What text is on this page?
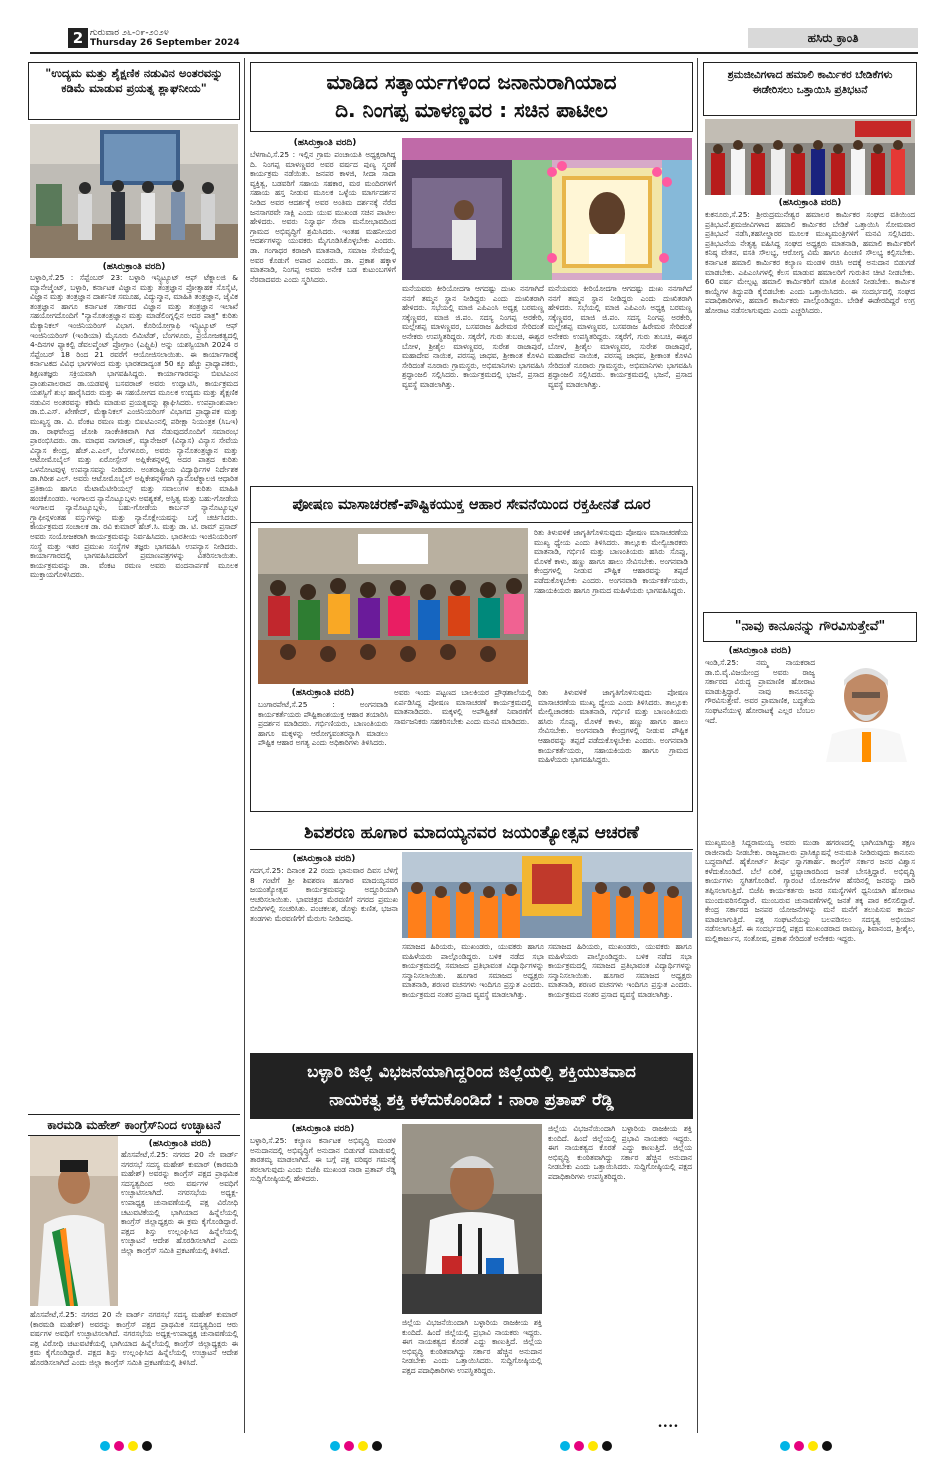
2 ಗುರುವಾರ ೨೬-೦೯-೨೦೨೪
Thursday 26 September 2024	ಹಸಿರು ಕ್ರಾಂತಿ
"ಉದ್ಯಮ ಮತ್ತು ಶೈಕ್ಷಣಿಕ ನಡುವಿನ ಅಂತರವನ್ನು ಕಡಿಮೆ ಮಾಡುವ ಪ್ರಯತ್ನ ಶ್ಲಾಘನೀಯ"
(ಹಸಿರುಕ್ರಾಂತಿ ವರದಿ)
ಬಳ್ಳಾರಿ,ಸೆ.25 : ಸೆಪ್ಟೆಂಬರ್ 23: ಬಳ್ಳಾರಿ ಇನ್ಸ್ಟಿಟ್ಯೂಟ್ ಆಫ್ ಟೆಕ್ನಾಲಜಿ & ಮ್ಯಾನೇಜ್ಮೆಂಟ್, ಬಳ್ಳಾರಿ, ಕರ್ನಾಟಕ ವಿಜ್ಞಾನ ಮತ್ತು ತಂತ್ರಜ್ಞಾನ ಪ್ರೋತ್ಸಾಹಕ ಸೊಸೈಟಿ, ವಿಜ್ಞಾನ ಮತ್ತು ತಂತ್ರಜ್ಞಾನ ದಾರ್ಶನಿಕ ಸಮೂಹ, ವಿದ್ಯುನ್ಮಾನ, ಮಾಹಿತಿ ತಂತ್ರಜ್ಞಾನ, ಜೈವಿಕ ತಂತ್ರಜ್ಞಾನ ಹಾಗೂ ಕರ್ನಾಟಕ ಸರ್ಕಾರದ ವಿಜ್ಞಾನ ಮತ್ತು ತಂತ್ರಜ್ಞಾನ ಇಲಾಖೆ ಸಹಯೋಗದೊಂದಿಗೆ "ನ್ಯಾನೊತಂತ್ರಜ್ಞಾನ ಮತ್ತು ಮಾಡೆಲಿಂಗ್ನಲ್ಲಿನ ಅದರ ಪಾತ್ರ" ಕುರಿತು ಮೆಕ್ಯಾನಿಕಲ್ ಇಂಜಿನಿಯರಿಂಗ್ ವಿಭಾಗ. ಕೊರಿಯೋಗ್ರಾಫಿ ಇನ್ಸ್ಟಿಟ್ಯೂಟ್ ಆಫ್ ಇಂಜಿನಿಯರಿಂಗ್ (ಇಂಡಿಯಾ) ಮೈಸೂರು ಲಿಮಿಟೆಡ್, ಬೆಂಗಳೂರು, ಪ್ರಯೋಜಕತ್ವದಲ್ಲಿ 4-ದಿನಗಳ ಫ್ಯಾಕಲ್ಟಿ ಡೆವಲಪ್ಮೆಂಟ್ ಪ್ರೋಗ್ರಾಂ (ಎಫ್ಡಿಪಿ) ಅನ್ನು ಯಶಸ್ವಿಯಾಗಿ 2024 ರ ಸೆಪ್ಟೆಂಬರ್ 18 ರಿಂದ 21 ರವರೆಗೆ ಆಯೋಜಿಸಲಾಯಿತು. ಈ ಕಾರ್ಯಾಗಾರಕ್ಕೆ ಕರ್ನಾಟಕದ ವಿವಿಧ ಭಾಗಗಳಿಂದ ಮತ್ತು ಭಾರತದಾದ್ಯಂತ 50 ಕ್ಕೂ ಹೆಚ್ಚು ಪ್ರಾಧ್ಯಾಪಕರು, ಶಿಕ್ಷಣತಜ್ಞರು ಸಕ್ರಿಯವಾಗಿ ಭಾಗವಹಿಸಿದ್ದರು. ಕಾರ್ಯಾಗಾರವನ್ನು ಬಿಐಟಿಎಂನ ಪ್ರಾಂಶುಪಾಲರಾದ ಡಾ.ಯಡವಳ್ಳಿ ಬಸವರಾಜ್ ಅವರು ಉದ್ಘಾಟಿಸಿ, ಕಾರ್ಯಕ್ರಮದ ಯಶಸ್ವಿಗೆ ಶುಭ ಹಾರೈಸಿದರು ಮತ್ತು ಈ ಸಹಯೋಗದ ಮೂಲಕ ಉದ್ಯಮ ಮತ್ತು ಶೈಕ್ಷಣಿಕ ನಡುವಿನ ಅಂತರವನ್ನು ಕಡಿಮೆ ಮಾಡುವ ಪ್ರಯತ್ನವನ್ನು ಶ್ಲಾಘಿಸಿದರು. ಉಪಪ್ರಾಂಶುಪಾಲ ಡಾ.ಬಿ.ಎಸ್. ಖೇಣೇದ್, ಮೆಕ್ಯಾನಿಕಲ್ ಎಂಜಿನಿಯರಿಂಗ್ ವಿಭಾಗದ ಪ್ರಾಧ್ಯಾಪಕ ಮತ್ತು ಮುಖ್ಯಸ್ಥ ಡಾ. ವಿ. ವೆಂಕಟ ರಮಣ ಮತ್ತು ಬಿಐಟಿಎಂನಲ್ಲಿ ಪರೀಕ್ಷಾ ನಿಯಂತ್ರಕ (ಸಿಒಇ) ಡಾ. ರಾಘವೇಂದ್ರ ಜೋಶಿ ಸಾಂಕೇತಿಕವಾಗಿ ಗಿಡ ನೆಡುವುದರೊಂದಿಗೆ ಸಮಾರಂಭ ಪ್ರಾರಂಭಿಸಿದರು. ಡಾ. ಮಾಧವ ನಾಗರಾಜ್, ಮ್ಯಾನೇಜರ್ (ವಿನ್ಯಾಸ) ವಿನ್ಯಾಸ ಸೇವೆಯ ವಿನ್ಯಾಸ ಕೇಂದ್ರ, ಹೆಚ್.ಎ.ಎಲ್, ಬೆಂಗಳೂರು, ಅವರು ನ್ಯಾನೊತಂತ್ರಜ್ಞಾನ ಮತ್ತು ಆಟೋಮೊಬೈಲ್ ಮತ್ತು ಏರೋಸ್ಪೇಸ್ ಅಪ್ಲಿಕೇಶನ್ಗಳಲ್ಲಿ ಅದರ ಪಾತ್ರದ ಕುರಿತು ಒಳನೋಟವುಳ್ಳ ಉಪನ್ಯಾಸವನ್ನು ನೀಡಿದರು. ಅಂತರಾಷ್ಟ್ರೀಯ ವಿದ್ಯಾರ್ಥಿಗಳ ನಿರ್ದೇಶಕ ಡಾ.ಗಿರೀಶ ಎಲ್. ಅವರು ಆಟೋಮೊಬೈಲ್ ಅಪ್ಲಿಕೇಶನ್ಗಳಿಗಾಗಿ ನ್ಯಾನೊಟೆಕ್ನಾಲಜಿ ಆಧಾರಿತ ಪ್ರತಿಕಾಯ ಹಾಗೂ ಮೆಟಾಮೆಟೀರಿಯಲ್ಸ್ ಮತ್ತು ಸವಾಲುಗಳ ಕುರಿತು ಮಾಹಿತಿ ಹಂಚಿಕೊಂಡರು. ಇಂಗಾಲದ ನ್ಯಾನೊಟ್ಯೂಬ್ಗಳು ಅವಶ್ಯಕತೆ, ಅಸ್ತಿತ್ವ ಮತ್ತು ಬಹು-ಗೋಡೆಯ ಇಂಗಾಲದ ನ್ಯಾನೊಟ್ಯೂಬ್ಗಳು, ಬಹು-ಗೋಡೆಯ ಕಾರ್ಬನ್ ನ್ಯಾನೊಟ್ಯೂಬ್ಗಳ ಗ್ರ್ಯಾಫೀನ್ಗಳಂತಹ ವಸ್ತುಗಳನ್ನು ಮತ್ತು ನ್ಯಾನೊಕ್ಲೇಯಷನ್ನು ಬಗ್ಗೆ ಚರ್ಚಿಸಿದರು. ಕಾರ್ಯಕ್ರಮದ ಸಂಚಾಲಕ ಡಾ. ರವಿ ಕುಮಾರ್ ಹೆಚ್.ಸಿ. ಮತ್ತು ಡಾ. ಟಿ. ರಾಮ್ ಪ್ರಸಾದ್ ಅವರು ಸಂಯೋಜಕರಾಗಿ ಕಾರ್ಯಕ್ರಮವನ್ನು ನಿರ್ವಹಿಸಿದರು. ಭಾರತೀಯ ಇಂಜಿನಿಯರಿಂಗ್ ಸಂಸ್ಥೆ ಮತ್ತು ಇತರ ಪ್ರಮುಖ ಸಂಸ್ಥೆಗಳ ತಜ್ಞರು ಭಾಗವಹಿಸಿ ಉಪನ್ಯಾಸ ನೀಡಿದರು. ಕಾರ್ಯಾಗಾರದಲ್ಲಿ ಭಾಗವಹಿಸಿದವರಿಗೆ ಪ್ರಮಾಣಪತ್ರಗಳನ್ನು ವಿತರಿಸಲಾಯಿತು. ಕಾರ್ಯಕ್ರಮವನ್ನು ಡಾ. ವೆಂಕಟ ರಮಣ ಅವರು ವಂದನಾರ್ಪಣೆ ಮೂಲಕ ಮುಕ್ತಾಯಗೊಳಿಸಿದರು.
ಕಾರಮಡಿ ಮಹೇಶ್ ಕಾಂಗ್ರೆಸ್‌ನಿಂದ ಉಚ್ಛಾಟನೆ
(ಹಸಿರುಕ್ರಾಂತಿ ವರದಿ)
ಹೊಸಪೇಟೆ,ಸೆ.25: ನಗರದ 20 ನೇ ವಾರ್ಡ್ ನಗರಸಭೆ ಸದಸ್ಯ ಮಹೇಶ್ ಕುಮಾರ್ (ಕಾರಮಡಿ ಮಹೇಶ್) ಅವರನ್ನು ಕಾಂಗ್ರೆಸ್ ಪಕ್ಷದ ಪ್ರಾಥಮಿಕ ಸದಸ್ಯತ್ವದಿಂದ ಆರು ವರ್ಷಗಳ ಅವಧಿಗೆ ಉಚ್ಛಾಟಿಸಲಾಗಿದೆ. ನಗರಸಭೆಯ ಅಧ್ಯಕ್ಷ-ಉಪಾಧ್ಯಕ್ಷ ಚುನಾವಣೆಯಲ್ಲಿ ಪಕ್ಷ ವಿರೋಧಿ ಚಟುವಟಿಕೆಯಲ್ಲಿ ಭಾಗಿಯಾದ ಹಿನ್ನೆಲೆಯಲ್ಲಿ ಕಾಂಗ್ರೆಸ್ ಜಿಲ್ಲಾಧ್ಯಕ್ಷರು ಈ ಕ್ರಮ ಕೈಗೊಂಡಿದ್ದಾರೆ. ಪಕ್ಷದ ಶಿಸ್ತು ಉಲ್ಲಂಘಿಸಿದ ಹಿನ್ನೆಲೆಯಲ್ಲಿ ಉಚ್ಛಾಟನೆ ಆದೇಶ ಹೊರಡಿಸಲಾಗಿದೆ ಎಂದು ಜಿಲ್ಲಾ ಕಾಂಗ್ರೆಸ್ ಸಮಿತಿ ಪ್ರಕಟಣೆಯಲ್ಲಿ ತಿಳಿಸಿದೆ.
ಹೊಸಪೇಟೆ,ಸೆ.25: ನಗರದ 20 ನೇ ವಾರ್ಡ್ ನಗರಸಭೆ ಸದಸ್ಯ ಮಹೇಶ್ ಕುಮಾರ್ (ಕಾರಮಡಿ ಮಹೇಶ್) ಅವರನ್ನು ಕಾಂಗ್ರೆಸ್ ಪಕ್ಷದ ಪ್ರಾಥಮಿಕ ಸದಸ್ಯತ್ವದಿಂದ ಆರು ವರ್ಷಗಳ ಅವಧಿಗೆ ಉಚ್ಛಾಟಿಸಲಾಗಿದೆ. ನಗರಸಭೆಯ ಅಧ್ಯಕ್ಷ-ಉಪಾಧ್ಯಕ್ಷ ಚುನಾವಣೆಯಲ್ಲಿ ಪಕ್ಷ ವಿರೋಧಿ ಚಟುವಟಿಕೆಯಲ್ಲಿ ಭಾಗಿಯಾದ ಹಿನ್ನೆಲೆಯಲ್ಲಿ ಕಾಂಗ್ರೆಸ್ ಜಿಲ್ಲಾಧ್ಯಕ್ಷರು ಈ ಕ್ರಮ ಕೈಗೊಂಡಿದ್ದಾರೆ. ಪಕ್ಷದ ಶಿಸ್ತು ಉಲ್ಲಂಘಿಸಿದ ಹಿನ್ನೆಲೆಯಲ್ಲಿ ಉಚ್ಛಾಟನೆ ಆದೇಶ ಹೊರಡಿಸಲಾಗಿದೆ ಎಂದು ಜಿಲ್ಲಾ ಕಾಂಗ್ರೆಸ್ ಸಮಿತಿ ಪ್ರಕಟಣೆಯಲ್ಲಿ ತಿಳಿಸಿದೆ.
ಮಾಡಿದ ಸತ್ಕಾರ್ಯಗಳಿಂದ ಜನಾನುರಾಗಿಯಾದ
ದಿ. ನಿಂಗಪ್ಪ ಮಾಳಣ್ಣವರ : ಸಚಿನ ಪಾಟೀಲ
(ಹಸಿರುಕ್ರಾಂತಿ ವರದಿ)
ಬೆಳಗಾವಿ,ಸೆ.25 : ಇಲ್ಲಿನ ಗ್ರಾಮ ಪಂಚಾಯತಿ ಅಧ್ಯಕ್ಷರಾಗಿದ್ದ ದಿ. ನಿಂಗಪ್ಪ ಮಾಳಣ್ಣವರ ಅವರ ವರ್ಷದ ಪುಣ್ಯ ಸ್ಮರಣೆ ಕಾರ್ಯಕ್ರಮ ನಡೆಯಿತು. ಜನಪರ ಕಾಳಜಿ, ಸೀದಾ ಸಾದಾ ವ್ಯಕ್ತಿತ್ವ, ಬಡವರಿಗೆ ಸಹಾಯ ಸಹಕಾರ, ಮಠ ಮಂದಿರಗಳಿಗೆ ಸಹಾಯ ಹಸ್ತ ನೀಡುವ ಮೂಲಕ ಒಳ್ಳೆಯ ಮಾರ್ಗದರ್ಶನ ನೀಡಿದ ಅವರ ಆದರ್ಶಕ್ಕೆ ಅವರ ಅಂತಿಮ ದರ್ಶನಕ್ಕೆ ನೆರೆದ ಜನಸಾಗರವೇ ಸಾಕ್ಷಿ ಎಂದು ಯುವ ಮುಖಂಡ ಸಚಿನ ಪಾಟೀಲ ಹೇಳಿದರು. ಅವರು ನಿಸ್ವಾರ್ಥ ಸೇವಾ ಮನೋಭಾವದಿಂದ ಗ್ರಾಮದ ಅಭಿವೃದ್ಧಿಗೆ ಶ್ರಮಿಸಿದರು. ಇಂತಹ ಮಹನೀಯರ ಆದರ್ಶಗಳನ್ನು ಯುವಕರು ಮೈಗೂಡಿಸಿಕೊಳ್ಳಬೇಕು ಎಂದರು. ಡಾ. ಗಂಗಾಧರ ಕರಾಜಗಿ ಮಾತನಾಡಿ, ಸಮಾಜ ಸೇವೆಯಲ್ಲಿ ಅವರ ಕೊಡುಗೆ ಅಪಾರ ಎಂದರು. ಡಾ. ಪ್ರಕಾಶ ಹಕ್ಕಾಳ ಮಾತನಾಡಿ, ನಿಂಗಪ್ಪ ಅವರು ಅನೇಕ ಬಡ ಕುಟುಂಬಗಳಿಗೆ ನೆರವಾದವರು ಎಂದು ಸ್ಮರಿಸಿದರು.
ಮನೆಯವರು ಕೀರಿಯೋದಗಾ ಆಗದಷ್ಟು ದುಃಖ ನನಗಾಗಿದೆ ನನಗೆ ತಮ್ಮನ ಸ್ಥಾನ ನೀಡಿದ್ದರು ಎಂದು ದುಃಖಿತರಾಗಿ ಹೇಳಿದರು. ಸಭೆಯಲ್ಲಿ ಮಾಜಿ ಎಪಿಎಂಸಿ ಅಧ್ಯಕ್ಷ ಬರಮಣ್ಣ ಸಕ್ಕೆಣ್ಣವರ, ಮಾಜಿ ಜಿ.ಪಂ. ಸದಸ್ಯ ನಿಂಗಪ್ಪ ಅರಕೇರಿ, ಮಲ್ಲೇಶಪ್ಪ ಮಾಳಣ್ಣವರ, ಬಸವರಾಜ ಹಿರೇಮಠ ಸೇರಿದಂತೆ ಅನೇಕರು ಉಪಸ್ಥಿತರಿದ್ದರು. ಸಕ್ಕರೆಗೆ, ಗುರು ತುಬಚಿ, ಈಶ್ವರ ಬೋಳ, ಶ್ರೀಶೈಲ ಮಾಳಣ್ಣವರ, ಸುರೇಶ ರಾಜಾಪುರೆ, ಮಹಾದೇವ ನಾಯಿಕ, ಪರಸಪ್ಪ ಜಾಧವ, ಶ್ರೀಕಾಂತ ಕೊಳವಿ ಸೇರಿದಂತೆ ನೂರಾರು ಗ್ರಾಮಸ್ಥರು, ಅಭಿಮಾನಿಗಳು ಭಾಗವಹಿಸಿ ಶ್ರದ್ಧಾಂಜಲಿ ಸಲ್ಲಿಸಿದರು. ಕಾರ್ಯಕ್ರಮದಲ್ಲಿ ಭಜನೆ, ಪ್ರಸಾದ ವ್ಯವಸ್ಥೆ ಮಾಡಲಾಗಿತ್ತು.
ಮನೆಯವರು ಕೀರಿಯೋದಗಾ ಆಗದಷ್ಟು ದುಃಖ ನನಗಾಗಿದೆ ನನಗೆ ತಮ್ಮನ ಸ್ಥಾನ ನೀಡಿದ್ದರು ಎಂದು ದುಃಖಿತರಾಗಿ ಹೇಳಿದರು. ಸಭೆಯಲ್ಲಿ ಮಾಜಿ ಎಪಿಎಂಸಿ ಅಧ್ಯಕ್ಷ ಬರಮಣ್ಣ ಸಕ್ಕೆಣ್ಣವರ, ಮಾಜಿ ಜಿ.ಪಂ. ಸದಸ್ಯ ನಿಂಗಪ್ಪ ಅರಕೇರಿ, ಮಲ್ಲೇಶಪ್ಪ ಮಾಳಣ್ಣವರ, ಬಸವರಾಜ ಹಿರೇಮಠ ಸೇರಿದಂತೆ ಅನೇಕರು ಉಪಸ್ಥಿತರಿದ್ದರು. ಸಕ್ಕರೆಗೆ, ಗುರು ತುಬಚಿ, ಈಶ್ವರ ಬೋಳ, ಶ್ರೀಶೈಲ ಮಾಳಣ್ಣವರ, ಸುರೇಶ ರಾಜಾಪುರೆ, ಮಹಾದೇವ ನಾಯಿಕ, ಪರಸಪ್ಪ ಜಾಧವ, ಶ್ರೀಕಾಂತ ಕೊಳವಿ ಸೇರಿದಂತೆ ನೂರಾರು ಗ್ರಾಮಸ್ಥರು, ಅಭಿಮಾನಿಗಳು ಭಾಗವಹಿಸಿ ಶ್ರದ್ಧಾಂಜಲಿ ಸಲ್ಲಿಸಿದರು. ಕಾರ್ಯಕ್ರಮದಲ್ಲಿ ಭಜನೆ, ಪ್ರಸಾದ ವ್ಯವಸ್ಥೆ ಮಾಡಲಾಗಿತ್ತು.
ಪೋಷಣ ಮಾಸಾಚರಣೆ-ಪೌಷ್ಟಿಕಯುಕ್ತ ಆಹಾರ ಸೇವನೆಯಿಂದ ರಕ್ತಹೀನತೆ ದೂರ
ರಿತು ತಿಳುವಳಿಕೆ ಜಾಗೃತಿಗೊಳಿಸುವುದು ಪೋಷಣ ಮಾಸಾಚರಣೆಯ ಮುಖ್ಯ ಧ್ಯೇಯ ಎಂದು ತಿಳಿಸಿದರು. ತಾಲ್ಲೂಕು ಮೇಲ್ವಿಚಾರಕರು ಮಾತನಾಡಿ, ಗರ್ಭಿಣಿ ಮತ್ತು ಬಾಣಂತಿಯರು ಹಸಿರು ಸೊಪ್ಪು, ಮೊಳಕೆ ಕಾಳು, ಹಣ್ಣು ಹಾಗೂ ಹಾಲು ಸೇವಿಸಬೇಕು. ಅಂಗನವಾಡಿ ಕೇಂದ್ರಗಳಲ್ಲಿ ನೀಡುವ ಪೌಷ್ಟಿಕ ಆಹಾರವನ್ನು ತಪ್ಪದೆ ಪಡೆದುಕೊಳ್ಳಬೇಕು ಎಂದರು. ಅಂಗನವಾಡಿ ಕಾರ್ಯಕರ್ತೆಯರು, ಸಹಾಯಕಿಯರು ಹಾಗೂ ಗ್ರಾಮದ ಮಹಿಳೆಯರು ಭಾಗವಹಿಸಿದ್ದರು.
(ಹಸಿರುಕ್ರಾಂತಿ ವರದಿ)
ಬಂಗಾರಪೇಟೆ,ಸೆ.25 : ಅಂಗನವಾಡಿ ಕಾರ್ಯಕರ್ತೆಯರು ಪೌಷ್ಟಿಕಾಂಶಯುಕ್ತ ಆಹಾರ ತಯಾರಿಸಿ ಪ್ರದರ್ಶನ ಮಾಡಿದರು. ಗರ್ಭಿಣಿಯರು, ಬಾಣಂತಿಯರು ಹಾಗೂ ಮಕ್ಕಳನ್ನು ಆರೋಗ್ಯವಂತರನ್ನಾಗಿ ಮಾಡಲು ಪೌಷ್ಟಿಕ ಆಹಾರ ಅಗತ್ಯ ಎಂದು ಅಧಿಕಾರಿಗಳು ತಿಳಿಸಿದರು.
ಅವರು ಇಂದು ಪಟ್ಟಣದ ಬಾಲಕಿಯರ ಪ್ರೌಢಶಾಲೆಯಲ್ಲಿ ಏರ್ಪಡಿಸಿದ್ದ ಪೋಷಣ ಮಾಸಾಚರಣೆ ಕಾರ್ಯಕ್ರಮದಲ್ಲಿ ಮಾತನಾಡಿದರು. ಮಕ್ಕಳಲ್ಲಿ ಅಪೌಷ್ಟಿಕತೆ ನಿವಾರಣೆಗೆ ಸಾರ್ವಜನಿಕರು ಸಹಕರಿಸಬೇಕು ಎಂದು ಮನವಿ ಮಾಡಿದರು.
ರಿತು ತಿಳುವಳಿಕೆ ಜಾಗೃತಿಗೊಳಿಸುವುದು ಪೋಷಣ ಮಾಸಾಚರಣೆಯ ಮುಖ್ಯ ಧ್ಯೇಯ ಎಂದು ತಿಳಿಸಿದರು. ತಾಲ್ಲೂಕು ಮೇಲ್ವಿಚಾರಕರು ಮಾತನಾಡಿ, ಗರ್ಭಿಣಿ ಮತ್ತು ಬಾಣಂತಿಯರು ಹಸಿರು ಸೊಪ್ಪು, ಮೊಳಕೆ ಕಾಳು, ಹಣ್ಣು ಹಾಗೂ ಹಾಲು ಸೇವಿಸಬೇಕು. ಅಂಗನವಾಡಿ ಕೇಂದ್ರಗಳಲ್ಲಿ ನೀಡುವ ಪೌಷ್ಟಿಕ ಆಹಾರವನ್ನು ತಪ್ಪದೆ ಪಡೆದುಕೊಳ್ಳಬೇಕು ಎಂದರು. ಅಂಗನವಾಡಿ ಕಾರ್ಯಕರ್ತೆಯರು, ಸಹಾಯಕಿಯರು ಹಾಗೂ ಗ್ರಾಮದ ಮಹಿಳೆಯರು ಭಾಗವಹಿಸಿದ್ದರು.
ಶಿವಶರಣ ಹೂಗಾರ ಮಾದಯ್ಯನವರ ಜಯಂತ್ಯೋತ್ಸವ ಆಚರಣೆ
(ಹಸಿರುಕ್ರಾಂತಿ ವರದಿ)
ಗದಗ,ಸೆ.25: ದಿನಾಂಕ 22 ರಂದು ಭಾನುವಾರ ದಿವಸ ಬೆಳಿಗ್ಗೆ 8 ಗಂಟೆಗೆ ಶ್ರೀ ಶಿವಶರಣ ಹೂಗಾರ ಮಾದಯ್ಯನವರ ಜಯಂತ್ಯೋತ್ಸವ ಕಾರ್ಯಕ್ರಮವನ್ನು ಅದ್ದೂರಿಯಾಗಿ ಆಚರಿಸಲಾಯಿತು. ಭಾವಚಿತ್ರದ ಮೆರವಣಿಗೆ ನಗರದ ಪ್ರಮುಖ ಬೀದಿಗಳಲ್ಲಿ ಸಂಚರಿಸಿತು. ಪಂಚಕಲಶ, ಡೊಳ್ಳು ಕುಣಿತ, ಭಜನಾ ತಂಡಗಳು ಮೆರವಣಿಗೆಗೆ ಮೆರುಗು ನೀಡಿದವು.
ಸಮಾಜದ ಹಿರಿಯರು, ಮುಖಂಡರು, ಯುವಕರು ಹಾಗೂ ಮಹಿಳೆಯರು ಪಾಲ್ಗೊಂಡಿದ್ದರು. ಬಳಿಕ ನಡೆದ ಸಭಾ ಕಾರ್ಯಕ್ರಮದಲ್ಲಿ ಸಮಾಜದ ಪ್ರತಿಭಾವಂತ ವಿದ್ಯಾರ್ಥಿಗಳನ್ನು ಸನ್ಮಾನಿಸಲಾಯಿತು. ಹೂಗಾರ ಸಮಾಜದ ಅಧ್ಯಕ್ಷರು ಮಾತನಾಡಿ, ಶರಣರ ವಚನಗಳು ಇಂದಿಗೂ ಪ್ರಸ್ತುತ ಎಂದರು. ಕಾರ್ಯಕ್ರಮದ ನಂತರ ಪ್ರಸಾದ ವ್ಯವಸ್ಥೆ ಮಾಡಲಾಗಿತ್ತು.
ಸಮಾಜದ ಹಿರಿಯರು, ಮುಖಂಡರು, ಯುವಕರು ಹಾಗೂ ಮಹಿಳೆಯರು ಪಾಲ್ಗೊಂಡಿದ್ದರು. ಬಳಿಕ ನಡೆದ ಸಭಾ ಕಾರ್ಯಕ್ರಮದಲ್ಲಿ ಸಮಾಜದ ಪ್ರತಿಭಾವಂತ ವಿದ್ಯಾರ್ಥಿಗಳನ್ನು ಸನ್ಮಾನಿಸಲಾಯಿತು. ಹೂಗಾರ ಸಮಾಜದ ಅಧ್ಯಕ್ಷರು ಮಾತನಾಡಿ, ಶರಣರ ವಚನಗಳು ಇಂದಿಗೂ ಪ್ರಸ್ತುತ ಎಂದರು. ಕಾರ್ಯಕ್ರಮದ ನಂತರ ಪ್ರಸಾದ ವ್ಯವಸ್ಥೆ ಮಾಡಲಾಗಿತ್ತು.
ಬಳ್ಳಾರಿ ಜಿಲ್ಲೆ ವಿಭಜನೆಯಾಗಿದ್ದರಿಂದ ಜಿಲ್ಲೆಯಲ್ಲಿ ಶಕ್ತಿಯುತವಾದ
ನಾಯಕತ್ವ ಶಕ್ತಿ ಕಳೆದುಕೊಂಡಿದೆ : ನಾರಾ ಪ್ರತಾಪ್ ರೆಡ್ಡಿ
(ಹಸಿರುಕ್ರಾಂತಿ ವರದಿ)
ಬಳ್ಳಾರಿ,ಸೆ.25: ಕಲ್ಯಾಣ ಕರ್ನಾಟಕ ಅಭಿವೃದ್ಧಿ ಮಂಡಳಿ ಅನುದಾನದಲ್ಲಿ ಅಭಿವೃದ್ಧಿಗೆ ಅನುದಾನ ಬಿಡುಗಡೆ ಮಾಡುವಲ್ಲಿ ತಾರತಮ್ಯ ಮಾಡಲಾಗಿದೆ. ಈ ಬಗ್ಗೆ ಪಕ್ಷ ವರಿಷ್ಠರ ಗಮನಕ್ಕೆ ತರಲಾಗುವುದು ಎಂದು ಬಿಜೆಪಿ ಮುಖಂಡ ನಾರಾ ಪ್ರತಾಪ್ ರೆಡ್ಡಿ ಸುದ್ದಿಗೋಷ್ಠಿಯಲ್ಲಿ ಹೇಳಿದರು.
ಜಿಲ್ಲೆಯ ವಿಭಜನೆಯಿಂದಾಗಿ ಬಳ್ಳಾರಿಯ ರಾಜಕೀಯ ಶಕ್ತಿ ಕುಂದಿದೆ. ಹಿಂದೆ ಜಿಲ್ಲೆಯಲ್ಲಿ ಪ್ರಭಾವಿ ನಾಯಕರು ಇದ್ದರು. ಈಗ ನಾಯಕತ್ವದ ಕೊರತೆ ಎದ್ದು ಕಾಣುತ್ತಿದೆ. ಜಿಲ್ಲೆಯ ಅಭಿವೃದ್ಧಿ ಕುಂಠಿತವಾಗಿದ್ದು ಸರ್ಕಾರ ಹೆಚ್ಚಿನ ಅನುದಾನ ನೀಡಬೇಕು ಎಂದು ಒತ್ತಾಯಿಸಿದರು. ಸುದ್ದಿಗೋಷ್ಠಿಯಲ್ಲಿ ಪಕ್ಷದ ಪದಾಧಿಕಾರಿಗಳು ಉಪಸ್ಥಿತರಿದ್ದರು.
ಜಿಲ್ಲೆಯ ವಿಭಜನೆಯಿಂದಾಗಿ ಬಳ್ಳಾರಿಯ ರಾಜಕೀಯ ಶಕ್ತಿ ಕುಂದಿದೆ. ಹಿಂದೆ ಜಿಲ್ಲೆಯಲ್ಲಿ ಪ್ರಭಾವಿ ನಾಯಕರು ಇದ್ದರು. ಈಗ ನಾಯಕತ್ವದ ಕೊರತೆ ಎದ್ದು ಕಾಣುತ್ತಿದೆ. ಜಿಲ್ಲೆಯ ಅಭಿವೃದ್ಧಿ ಕುಂಠಿತವಾಗಿದ್ದು ಸರ್ಕಾರ ಹೆಚ್ಚಿನ ಅನುದಾನ ನೀಡಬೇಕು ಎಂದು ಒತ್ತಾಯಿಸಿದರು. ಸುದ್ದಿಗೋಷ್ಠಿಯಲ್ಲಿ ಪಕ್ಷದ ಪದಾಧಿಕಾರಿಗಳು ಉಪಸ್ಥಿತರಿದ್ದರು.
••••
ಶ್ರಮಜೀವಿಗಳಾದ ಹಮಾಲಿ ಕಾರ್ಮಿಕರ ಬೇಡಿಕೆಗಳು ಈಡೇರಿಸಲು ಒತ್ತಾಯಿಸಿ ಪ್ರತಿಭಟನೆ
(ಹಸಿರುಕ್ರಾಂತಿ ವರದಿ)
ಕುಕನೂರು,ಸೆ.25: ಶ್ರೀರುದ್ರಮುನೇಶ್ವರ ಹಮಾಲರ ಕಾರ್ಮಿಕರ ಸಂಘದ ವತಿಯಿಂದ ಪ್ರತಿಭಟನೆ.ಶ್ರಮಜೀವಿಗಳಾದ ಹಮಾಲಿ ಕಾರ್ಮಿಕರ ಬೇಡಿಕೆ ಒತ್ತಾಯಿಸಿ ಸೋಮವಾರ ಪ್ರತಿಭಟನೆ ನಡೆಸಿ,ತಹಸೀಲ್ದಾರರ ಮೂಲಕ ಮುಖ್ಯಮಂತ್ರಿಗಳಿಗೆ ಮನವಿ ಸಲ್ಲಿಸಿದರು. ಪ್ರತಿಭಟನೆಯ ನೇತೃತ್ವ ವಹಿಸಿದ್ದ ಸಂಘದ ಅಧ್ಯಕ್ಷರು ಮಾತನಾಡಿ, ಹಮಾಲಿ ಕಾರ್ಮಿಕರಿಗೆ ಕನಿಷ್ಠ ವೇತನ, ವಸತಿ ಸೌಲಭ್ಯ, ಆರೋಗ್ಯ ವಿಮೆ ಹಾಗೂ ಪಿಂಚಣಿ ಸೌಲಭ್ಯ ಕಲ್ಪಿಸಬೇಕು. ಕರ್ನಾಟಕ ಹಮಾಲಿ ಕಾರ್ಮಿಕರ ಕಲ್ಯಾಣ ಮಂಡಳಿ ರಚಿಸಿ ಅದಕ್ಕೆ ಅನುದಾನ ಬಿಡುಗಡೆ ಮಾಡಬೇಕು. ಎಪಿಎಂಸಿಗಳಲ್ಲಿ ಕೆಲಸ ಮಾಡುವ ಹಮಾಲರಿಗೆ ಗುರುತಿನ ಚೀಟಿ ನೀಡಬೇಕು. 60 ವರ್ಷ ಮೇಲ್ಪಟ್ಟ ಹಮಾಲಿ ಕಾರ್ಮಿಕರಿಗೆ ಮಾಸಿಕ ಪಿಂಚಣಿ ನೀಡಬೇಕು. ಕಾರ್ಮಿಕ ಕಾಯ್ದೆಗಳ ತಿದ್ದುಪಡಿ ಕೈಬಿಡಬೇಕು ಎಂದು ಒತ್ತಾಯಿಸಿದರು. ಈ ಸಂದರ್ಭದಲ್ಲಿ ಸಂಘದ ಪದಾಧಿಕಾರಿಗಳು, ಹಮಾಲಿ ಕಾರ್ಮಿಕರು ಪಾಲ್ಗೊಂಡಿದ್ದರು. ಬೇಡಿಕೆ ಈಡೇರದಿದ್ದರೆ ಉಗ್ರ ಹೋರಾಟ ನಡೆಸಲಾಗುವುದು ಎಂದು ಎಚ್ಚರಿಸಿದರು.
"ನಾವು ಕಾನೂನನ್ನು ಗೌರವಿಸುತ್ತೇವೆ"
(ಹಸಿರುಕ್ರಾಂತಿ ವರದಿ)
ಇಂಡಿ,ಸೆ.25: ನಮ್ಮ ನಾಯಕರಾದ ಡಾ.ಬಿ.ವೈ.ವಿಜಯೇಂದ್ರ ಅವರು ರಾಜ್ಯ ಸರ್ಕಾರದ ವಿರುದ್ಧ ಪ್ರಾಮಾಣಿಕ ಹೋರಾಟ ಮಾಡುತ್ತಿದ್ದಾರೆ. ನಾವು ಕಾನೂನನ್ನು ಗೌರವಿಸುತ್ತೇವೆ. ಅವರ ಪ್ರಾಮಾಣಿಕ, ಬದ್ಧತೆಯ ಸಂಘಟನೆಯುಳ್ಳ ಹೋರಾಟಕ್ಕೆ ಎಲ್ಲರ ಬೆಂಬಲ ಇದೆ.
ಮುಖ್ಯಮಂತ್ರಿ ಸಿದ್ದರಾಮಯ್ಯ ಅವರು ಮುಡಾ ಹಗರಣದಲ್ಲಿ ಭಾಗಿಯಾಗಿದ್ದು ತಕ್ಷಣ ರಾಜೀನಾಮೆ ನೀಡಬೇಕು. ರಾಜ್ಯಪಾಲರು ಪ್ರಾಸಿಕ್ಯೂಷನ್ಗೆ ಅನುಮತಿ ನೀಡಿರುವುದು ಕಾನೂನು ಬದ್ಧವಾಗಿದೆ. ಹೈಕೋರ್ಟ್ ತೀರ್ಪು ಸ್ವಾಗತಾರ್ಹ. ಕಾಂಗ್ರೆಸ್ ಸರ್ಕಾರ ಜನರ ವಿಶ್ವಾಸ ಕಳೆದುಕೊಂಡಿದೆ. ಬೆಲೆ ಏರಿಕೆ, ಭ್ರಷ್ಟಾಚಾರದಿಂದ ಜನತೆ ಬೇಸತ್ತಿದ್ದಾರೆ. ಅಭಿವೃದ್ಧಿ ಕಾರ್ಯಗಳು ಸ್ಥಗಿತಗೊಂಡಿವೆ. ಗ್ಯಾರಂಟಿ ಯೋಜನೆಗಳ ಹೆಸರಿನಲ್ಲಿ ಜನರನ್ನು ದಾರಿ ತಪ್ಪಿಸಲಾಗುತ್ತಿದೆ. ಬಿಜೆಪಿ ಕಾರ್ಯಕರ್ತರು ಜನರ ಸಮಸ್ಯೆಗಳಿಗೆ ಧ್ವನಿಯಾಗಿ ಹೋರಾಟ ಮುಂದುವರಿಸಲಿದ್ದಾರೆ. ಮುಂಬರುವ ಚುನಾವಣೆಗಳಲ್ಲಿ ಜನತೆ ತಕ್ಕ ಪಾಠ ಕಲಿಸಲಿದ್ದಾರೆ. ಕೇಂದ್ರ ಸರ್ಕಾರದ ಜನಪರ ಯೋಜನೆಗಳನ್ನು ಮನೆ ಮನೆಗೆ ತಲುಪಿಸುವ ಕಾರ್ಯ ಮಾಡಲಾಗುತ್ತಿದೆ. ಪಕ್ಷ ಸಂಘಟನೆಯನ್ನು ಬಲಪಡಿಸಲು ಸದಸ್ಯತ್ವ ಅಭಿಯಾನ ನಡೆಸಲಾಗುತ್ತಿದೆ. ಈ ಸಂದರ್ಭದಲ್ಲಿ ಪಕ್ಷದ ಮುಖಂಡರಾದ ರಾಮಣ್ಣ, ಶಿವಾನಂದ, ಶ್ರೀಶೈಲ, ಮಲ್ಲಿಕಾರ್ಜುನ, ಸಂತೋಷ, ಪ್ರಕಾಶ ಸೇರಿದಂತೆ ಅನೇಕರು ಇದ್ದರು.
